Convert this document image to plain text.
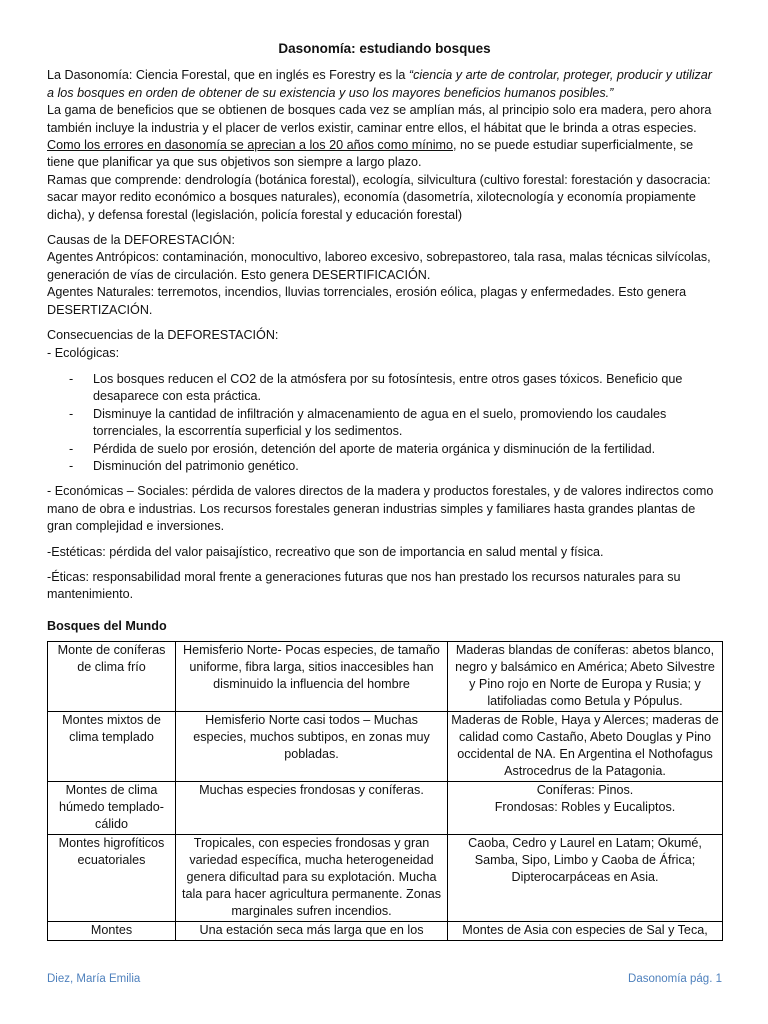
Dasonomía: estudiando bosques

La Dasonomía: Ciencia Forestal, que en inglés es Forestry es la “ciencia y arte de controlar, proteger, producir y utilizar a los bosques en orden de obtener de su existencia y uso los mayores beneficios humanos posibles.”

La gama de beneficios que se obtienen de bosques cada vez se amplían más, al principio solo era madera, pero ahora también incluye la industria y el placer de verlos existir, caminar entre ellos, el hábitat que le brinda a otras especies.

Como los errores en dasonomía se aprecian a los 20 años como mínimo, no se puede estudiar superficialmente, se tiene que planificar ya que sus objetivos son siempre a largo plazo.

Ramas que comprende: dendrología (botánica forestal), ecología, silvicultura (cultivo forestal: forestación y dasocracia: sacar mayor redito económico a bosques naturales), economía (dasometría, xilotecnología y economía propiamente dicha), y defensa forestal (legislación, policía forestal y educación forestal)

Causas de la DEFORESTACIÓN:

Agentes Antrópicos: contaminación, monocultivo, laboreo excesivo, sobrepastoreo, tala rasa, malas técnicas silvícolas, generación de vías de circulación. Esto genera DESERTIFICACIÓN.

Agentes Naturales: terremotos, incendios, lluvias torrenciales, erosión eólica, plagas y enfermedades. Esto genera DESERTIZACIÓN.

Consecuencias de la DEFORESTACIÓN:

- Ecológicas:

- Los bosques reducen el CO2 de la atmósfera por su fotosíntesis, entre otros gases tóxicos. Beneficio que desaparece con esta práctica.
- Disminuye la cantidad de infiltración y almacenamiento de agua en el suelo, promoviendo los caudales torrenciales, la escorrentía superficial y los sedimentos.
- Pérdida de suelo por erosión, detención del aporte de materia orgánica y disminución de la fertilidad.
- Disminución del patrimonio genético.

- Económicas – Sociales: pérdida de valores directos de la madera y productos forestales, y de valores indirectos como mano de obra e industrias. Los recursos forestales generan industrias simples y familiares hasta grandes plantas de gran complejidad e inversiones.

-Estéticas: pérdida del valor paisajístico, recreativo que son de importancia en salud mental y física.

-Éticas: responsabilidad moral frente a generaciones futuras que nos han prestado los recursos naturales para su mantenimiento.

Bosques del Mundo

Monte de coníferas de clima frío	Hemisferio Norte- Pocas especies, de tamaño uniforme, fibra larga, sitios inaccesibles han disminuido la influencia del hombre	Maderas blandas de coníferas: abetos blanco, negro y balsámico en América; Abeto Silvestre y Pino rojo en Norte de Europa y Rusia; y latifoliadas como Betula y Pópulus.
Montes mixtos de clima templado	Hemisferio Norte casi todos – Muchas especies, muchos subtipos, en zonas muy pobladas.	Maderas de Roble, Haya y Alerces; maderas de calidad como Castaño, Abeto Douglas y Pino occidental de NA. En Argentina el Nothofagus Astrocedrus de la Patagonia.
Montes de clima húmedo templado-cálido	Muchas especies frondosas y coníferas.	Coníferas: Pinos.
Frondosas: Robles y Eucaliptos.
Montes higrofíticos ecuatoriales	Tropicales, con especies frondosas y gran variedad específica, mucha heterogeneidad genera dificultad para su explotación. Mucha tala para hacer agricultura permanente. Zonas marginales sufren incendios.	Caoba, Cedro y Laurel en Latam; Okumé, Samba, Sipo, Limbo y Caoba de África; Dipterocarpáceas en Asia.
Montes	Una estación seca más larga que en los	Montes de Asia con especies de Sal y Teca,
Diez, María Emilia	Dasonomía pág. 1
